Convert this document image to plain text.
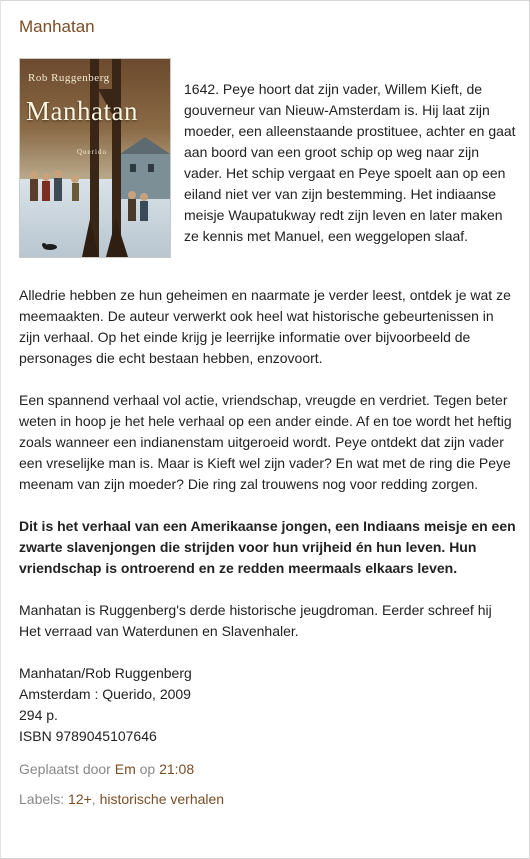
Manhatan
Rob Ruggenberg
Manhatan
Querido

1642. Peye hoort dat zijn vader, Willem Kieft, de gouverneur van Nieuw-Amsterdam is. Hij laat zijn moeder, een alleenstaande prostituee, achter en gaat aan boord van een groot schip op weg naar zijn vader. Het schip vergaat en Peye spoelt aan op een eiland niet ver van zijn bestemming. Het indiaanse meisje Waupatukway redt zijn leven en later maken ze kennis met Manuel, een weggelopen slaaf.

Alledrie hebben ze hun geheimen en naarmate je verder leest, ontdek je wat ze meemaakten. De auteur verwerkt ook heel wat historische gebeurtenissen in zijn verhaal. Op het einde krijg je leerrijke informatie over bijvoorbeeld de personages die echt bestaan hebben, enzovoort.

Een spannend verhaal vol actie, vriendschap, vreugde en verdriet. Tegen beter weten in hoop je het hele verhaal op een ander einde. Af en toe wordt het heftig zoals wanneer een indianenstam uitgeroeid wordt. Peye ontdekt dat zijn vader een vreselijke man is. Maar is Kieft wel zijn vader? En wat met de ring die Peye meenam van zijn moeder? Die ring zal trouwens nog voor redding zorgen.

Dit is het verhaal van een Amerikaanse jongen, een Indiaans meisje en een zwarte slavenjongen die strijden voor hun vrijheid én hun leven. Hun vriendschap is ontroerend en ze redden meermaals elkaars leven.

Manhatan is Ruggenberg's derde historische jeugdroman. Eerder schreef hij Het verraad van Waterdunen en Slavenhaler.

Manhatan/Rob Ruggenberg
Amsterdam : Querido, 2009
294 p.
ISBN 9789045107646
Geplaatst door Em op 21:08
Labels: 12+, historische verhalen
